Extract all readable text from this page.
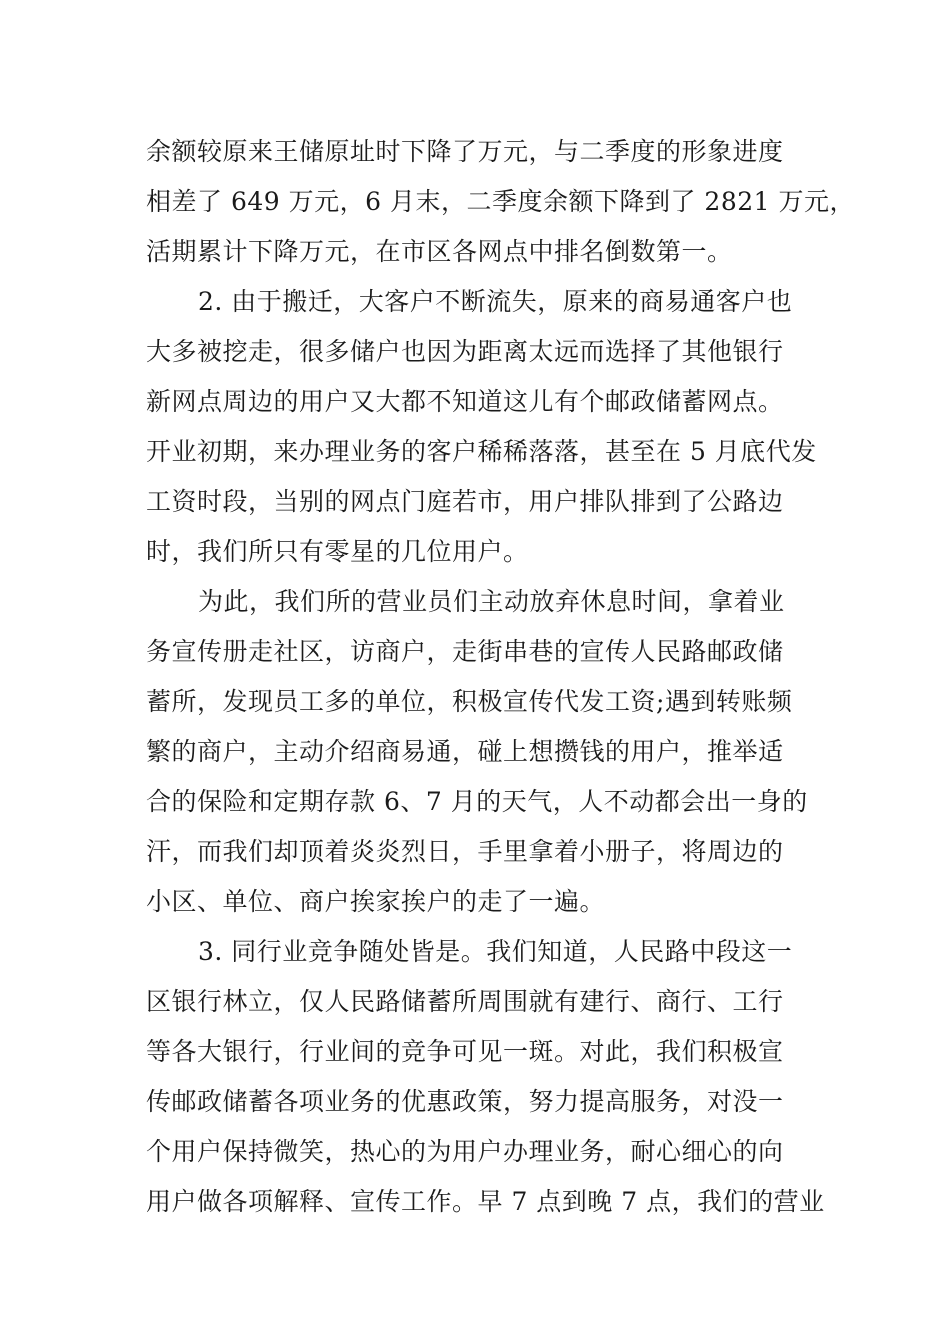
余额较原来王储原址时下降了万元，与二季度的形象进度
相差了 649 万元，6 月末，二季度余额下降到了 2821 万元，
活期累计下降万元，在市区各网点中排名倒数第一。
2. 由于搬迁，大客户不断流失，原来的商易通客户也
大多被挖走，很多储户也因为距离太远而选择了其他银行
新网点周边的用户又大都不知道这儿有个邮政储蓄网点。
开业初期，来办理业务的客户稀稀落落，甚至在 5 月底代发
工资时段，当别的网点门庭若市，用户排队排到了公路边
时，我们所只有零星的几位用户。
为此，我们所的营业员们主动放弃休息时间，拿着业
务宣传册走社区，访商户，走街串巷的宣传人民路邮政储
蓄所，发现员工多的单位，积极宣传代发工资;遇到转账频
繁的商户，主动介绍商易通，碰上想攒钱的用户，推举适
合的保险和定期存款 6、7 月的天气，人不动都会出一身的
汗，而我们却顶着炎炎烈日，手里拿着小册子，将周边的
小区、单位、商户挨家挨户的走了一遍。
3. 同行业竞争随处皆是。我们知道，人民路中段这一
区银行林立，仅人民路储蓄所周围就有建行、商行、工行
等各大银行，行业间的竞争可见一斑。对此，我们积极宣
传邮政储蓄各项业务的优惠政策，努力提高服务，对没一
个用户保持微笑，热心的为用户办理业务，耐心细心的向
用户做各项解释、宣传工作。早 7 点到晚 7 点，我们的营业
